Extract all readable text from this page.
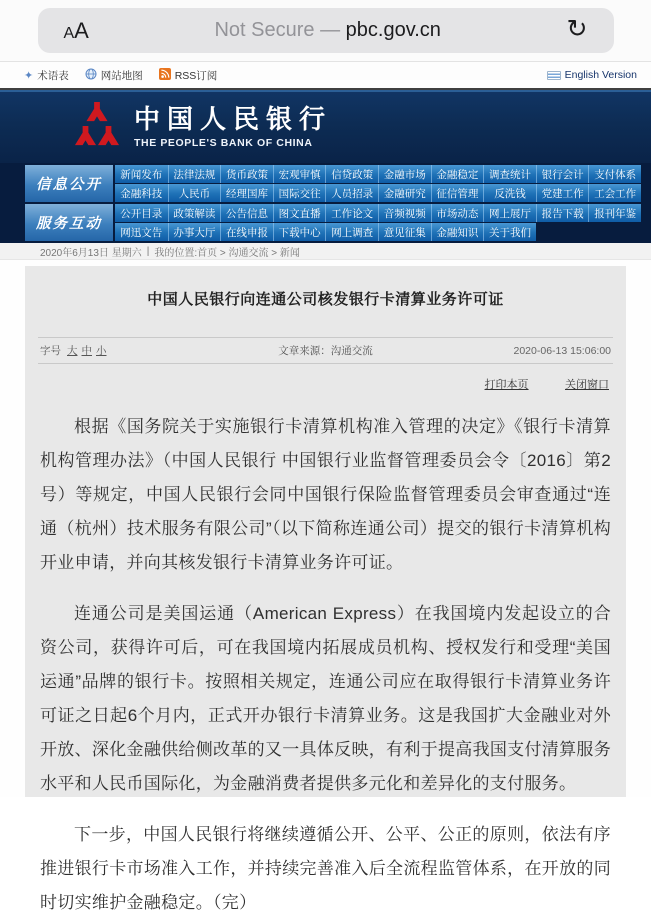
AA	Not Secure — pbc.gov.cn	↻
✦ 术语表	网站地图	RSS订阅	English Version
中国人民银行
THE PEOPLE'S BANK OF CHINA
信息公开
新闻发布	法律法规	货币政策	宏观审慎	信贷政策	金融市场	金融稳定	调查统计	银行会计	支付体系
金融科技	人民币	经理国库	国际交往	人员招录	金融研究	征信管理	反洗钱	党建工作	工会工作
服务互动
公开目录	政策解读	公告信息	图文直播	工作论文	音频视频	市场动态	网上展厅	报告下载	报刊年鉴
网迅文告	办事大厅	在线申报	下载中心	网上调查	意见征集	金融知识	关于我们
2020年6月13日 星期六 | 我的位置:首页 > 沟通交流 > 新闻
中国人民银行向连通公司核发银行卡清算业务许可证
字号 大 中 小	文章来源：沟通交流	2020-06-13 15:06:00
打印本页	关闭窗口

根据《国务院关于实施银行卡清算机构准入管理的决定》《银行卡清算机构管理办法》（中国人民银行 中国银行业监督管理委员会令〔2016〕第2号）等规定，中国人民银行会同中国银行保险监督管理委员会审查通过“连通（杭州）技术服务有限公司”（以下简称连通公司）提交的银行卡清算机构开业申请，并向其核发银行卡清算业务许可证。

连通公司是美国运通（American Express）在我国境内发起设立的合资公司，获得许可后，可在我国境内拓展成员机构、授权发行和受理“美国运通”品牌的银行卡。按照相关规定，连通公司应在取得银行卡清算业务许可证之日起6个月内，正式开办银行卡清算业务。这是我国扩大金融业对外开放、深化金融供给侧改革的又一具体反映，有利于提高我国支付清算服务水平和人民币国际化，为金融消费者提供多元化和差异化的支付服务。

下一步，中国人民银行将继续遵循公开、公平、公正的原则，依法有序推进银行卡市场准入工作，并持续完善准入后全流程监管体系，在开放的同时切实维护金融稳定。（完）
